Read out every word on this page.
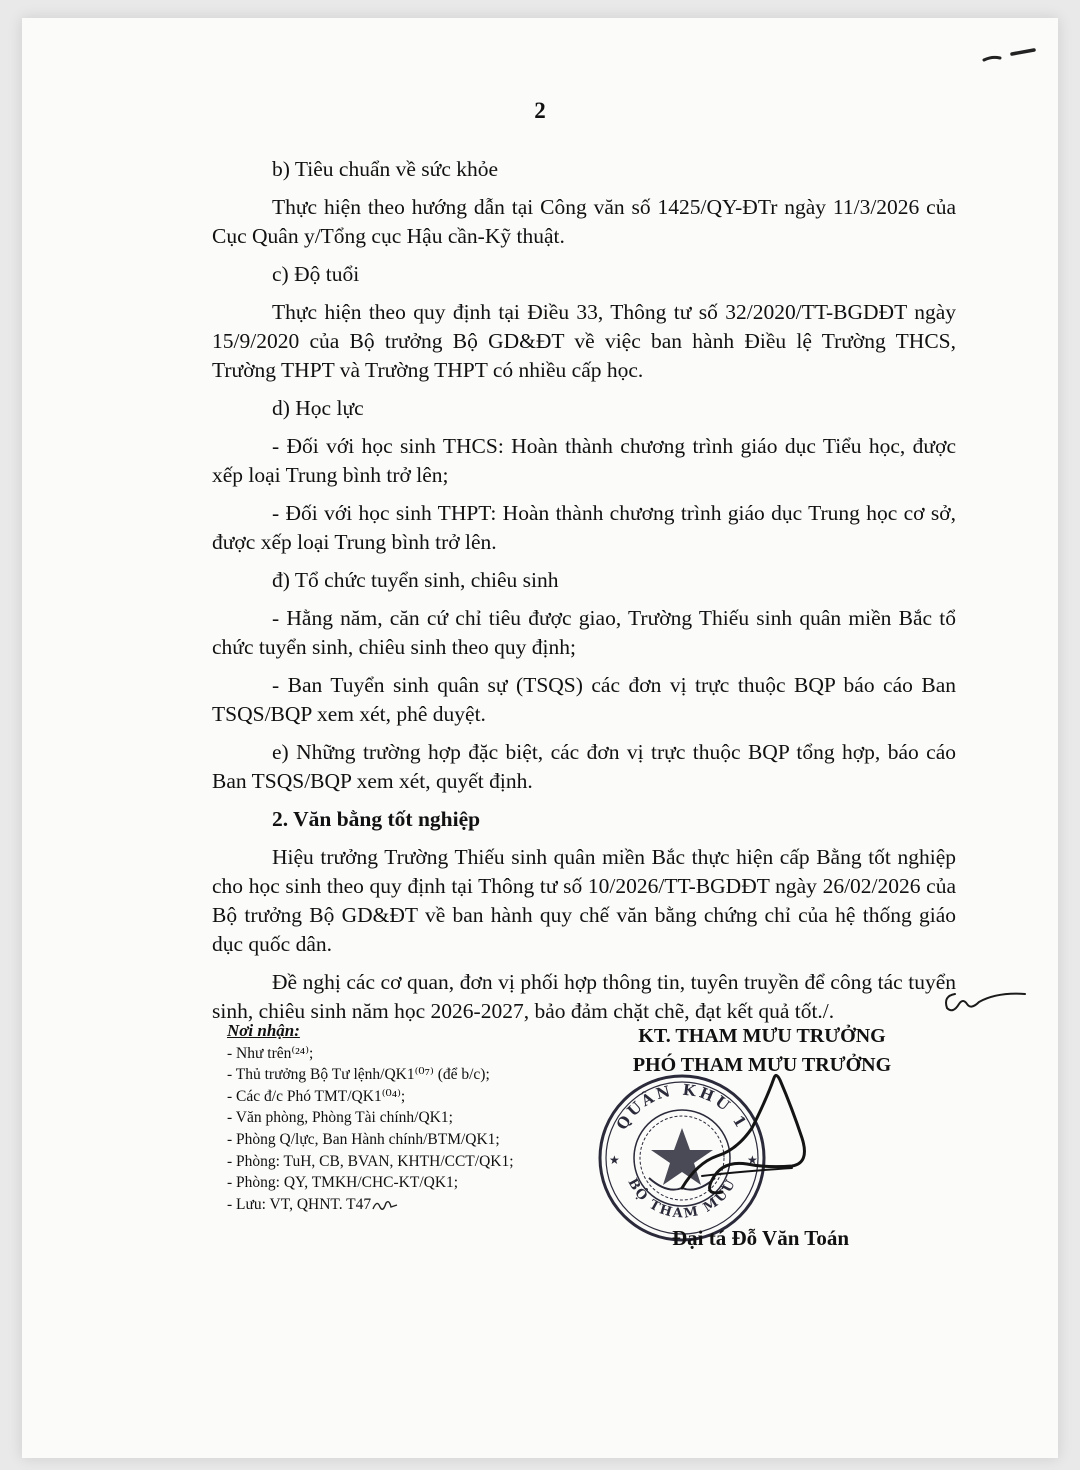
2

b) Tiêu chuẩn về sức khỏe

Thực hiện theo hướng dẫn tại Công văn số 1425/QY-ĐTr ngày 11/3/2026 của Cục Quân y/Tổng cục Hậu cần-Kỹ thuật.

c) Độ tuổi

Thực hiện theo quy định tại Điều 33, Thông tư số 32/2020/TT-BGDĐT ngày 15/9/2020 của Bộ trưởng Bộ GD&ĐT về việc ban hành Điều lệ Trường THCS, Trường THPT và Trường THPT có nhiều cấp học.

d) Học lực

- Đối với học sinh THCS: Hoàn thành chương trình giáo dục Tiểu học, được xếp loại Trung bình trở lên;

- Đối với học sinh THPT: Hoàn thành chương trình giáo dục Trung học cơ sở, được xếp loại Trung bình trở lên.

đ) Tổ chức tuyển sinh, chiêu sinh

- Hằng năm, căn cứ chỉ tiêu được giao, Trường Thiếu sinh quân miền Bắc tổ chức tuyển sinh, chiêu sinh theo quy định;

- Ban Tuyển sinh quân sự (TSQS) các đơn vị trực thuộc BQP báo cáo Ban TSQS/BQP xem xét, phê duyệt.

e) Những trường hợp đặc biệt, các đơn vị trực thuộc BQP tổng hợp, báo cáo Ban TSQS/BQP xem xét, quyết định.

2. Văn bằng tốt nghiệp

Hiệu trưởng Trường Thiếu sinh quân miền Bắc thực hiện cấp Bằng tốt nghiệp cho học sinh theo quy định tại Thông tư số 10/2026/TT-BGDĐT ngày 26/02/2026 của Bộ trưởng Bộ GD&ĐT về ban hành quy chế văn bằng chứng chỉ của hệ thống giáo dục quốc dân.

Đề nghị các cơ quan, đơn vị phối hợp thông tin, tuyên truyền để công tác tuyển sinh, chiêu sinh năm học 2026-2027, bảo đảm chặt chẽ, đạt kết quả tốt./.

Nơi nhận:
- Như trên⁽²⁴⁾;
- Thủ trưởng Bộ Tư lệnh/QK1⁽⁰⁷⁾ (để b/c);
- Các đ/c Phó TMT/QK1⁽⁰⁴⁾;
- Văn phòng, Phòng Tài chính/QK1;
- Phòng Q/lực, Ban Hành chính/BTM/QK1;
- Phòng: TuH, CB, BVAN, KHTH/CCT/QK1;
- Phòng: QY, TMKH/CHC-KT/QK1;
- Lưu: VT, QHNT. T47
KT. THAM MƯU TRƯỞNG
PHÓ THAM MƯU TRƯỞNG
QUÂN KHU 1
BỘ THAM MƯU
★	★
Đại tá Đỗ Văn Toán
